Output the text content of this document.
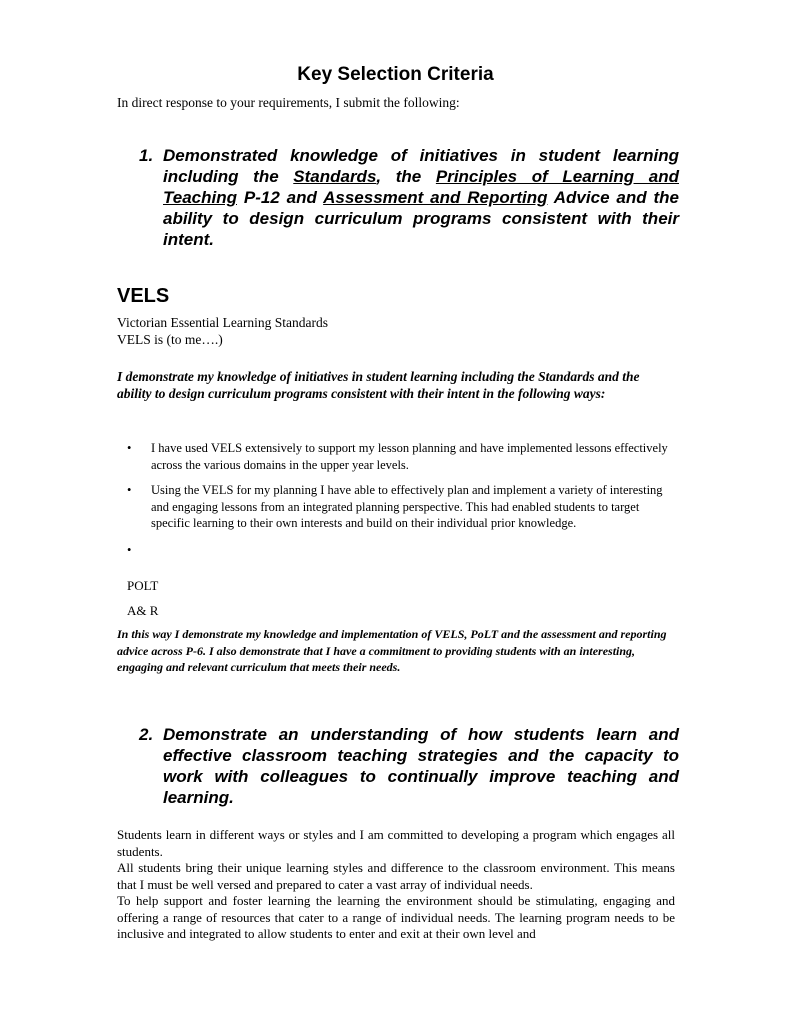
Key Selection Criteria

In direct response to your requirements, I submit the following:

1. Demonstrated knowledge of initiatives in student learning including the Standards, the Principles of Learning and Teaching P-12 and Assessment and Reporting Advice and the ability to design curriculum programs consistent with their intent.
VELS
Victorian Essential Learning Standards
VELS is (to me….)

I demonstrate my knowledge of initiatives in student learning including the Standards and the ability to design curriculum programs consistent with their intent in the following ways:

• I have used VELS extensively to support my lesson planning and have implemented lessons effectively across the various domains in the upper year levels.
• Using the VELS for my planning I have able to effectively plan and implement a variety of interesting and engaging lessons from an integrated planning perspective. This had enabled students to target specific learning to their own interests and build on their individual prior knowledge.
•

POLT

A& R

In this way I demonstrate my knowledge and implementation of VELS, PoLT and the assessment and reporting advice across P-6. I also demonstrate that I have a commitment to providing students with an interesting, engaging and relevant curriculum that meets their needs.

2. Demonstrate an understanding of how students learn and effective classroom teaching strategies and the capacity to work with colleagues to continually improve teaching and learning.

Students learn in different ways or styles and I am committed to developing a program which engages all students.

All students bring their unique learning styles and difference to the classroom environment. This means that I must be well versed and prepared to cater a vast array of individual needs.

To help support and foster learning the learning the environment should be stimulating, engaging and offering a range of resources that cater to a range of individual needs. The learning program needs to be inclusive and integrated to allow students to enter and exit at their own level and
